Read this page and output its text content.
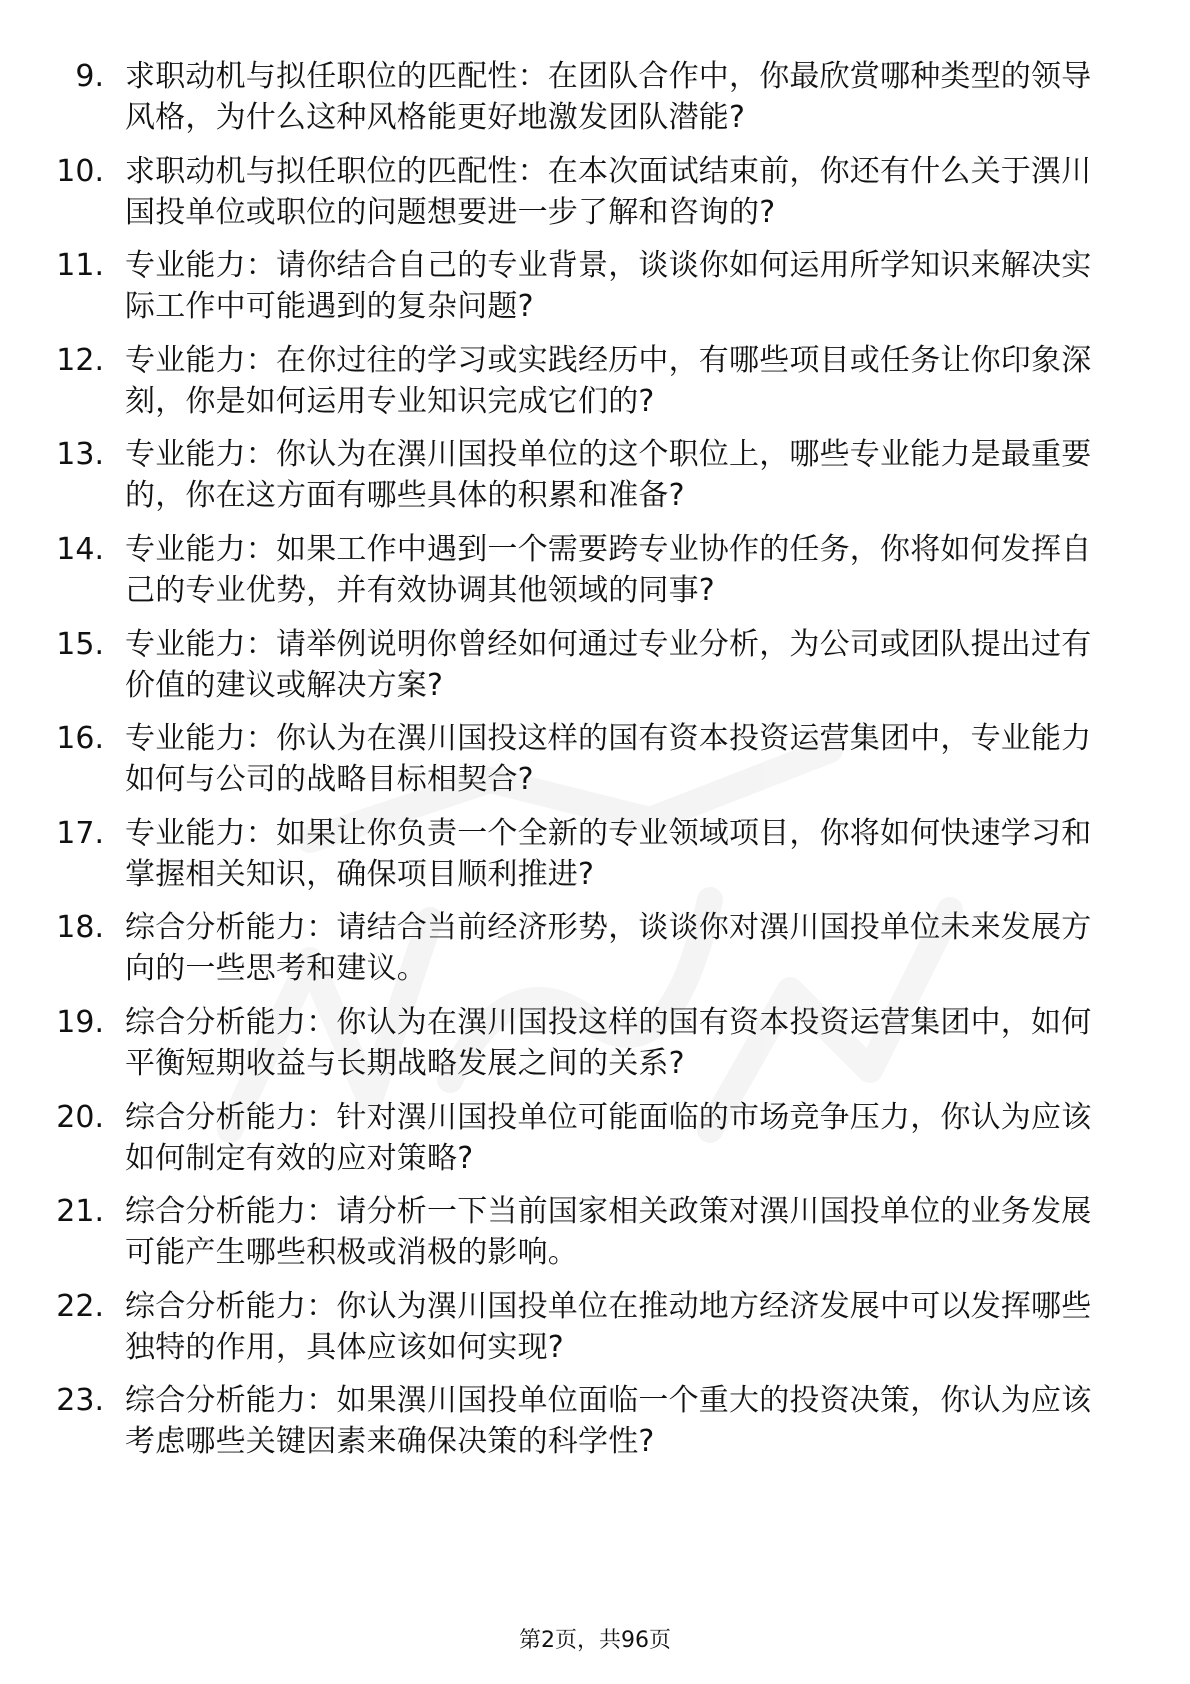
9. 求职动机与拟任职位的匹配性：在团队合作中，你最欣赏哪种类型的领导风格，为什么这种风格能更好地激发团队潜能?
10. 求职动机与拟任职位的匹配性：在本次面试结束前，你还有什么关于潩川国投单位或职位的问题想要进一步了解和咨询的?
11. 专业能力：请你结合自己的专业背景，谈谈你如何运用所学知识来解决实际工作中可能遇到的复杂问题?
12. 专业能力：在你过往的学习或实践经历中，有哪些项目或任务让你印象深刻，你是如何运用专业知识完成它们的?
13. 专业能力：你认为在潩川国投单位的这个职位上，哪些专业能力是最重要的，你在这方面有哪些具体的积累和准备?
14. 专业能力：如果工作中遇到一个需要跨专业协作的任务，你将如何发挥自己的专业优势，并有效协调其他领域的同事?
15. 专业能力：请举例说明你曾经如何通过专业分析，为公司或团队提出过有价值的建议或解决方案?
16. 专业能力：你认为在潩川国投这样的国有资本投资运营集团中，专业能力如何与公司的战略目标相契合?
17. 专业能力：如果让你负责一个全新的专业领域项目，你将如何快速学习和掌握相关知识，确保项目顺利推进?
18. 综合分析能力：请结合当前经济形势，谈谈你对潩川国投单位未来发展方向的一些思考和建议。
19. 综合分析能力：你认为在潩川国投这样的国有资本投资运营集团中，如何平衡短期收益与长期战略发展之间的关系?
20. 综合分析能力：针对潩川国投单位可能面临的市场竞争压力，你认为应该如何制定有效的应对策略?
21. 综合分析能力：请分析一下当前国家相关政策对潩川国投单位的业务发展可能产生哪些积极或消极的影响。
22. 综合分析能力：你认为潩川国投单位在推动地方经济发展中可以发挥哪些独特的作用，具体应该如何实现?
23. 综合分析能力：如果潩川国投单位面临一个重大的投资决策，你认为应该考虑哪些关键因素来确保决策的科学性?
第2页，共96页
